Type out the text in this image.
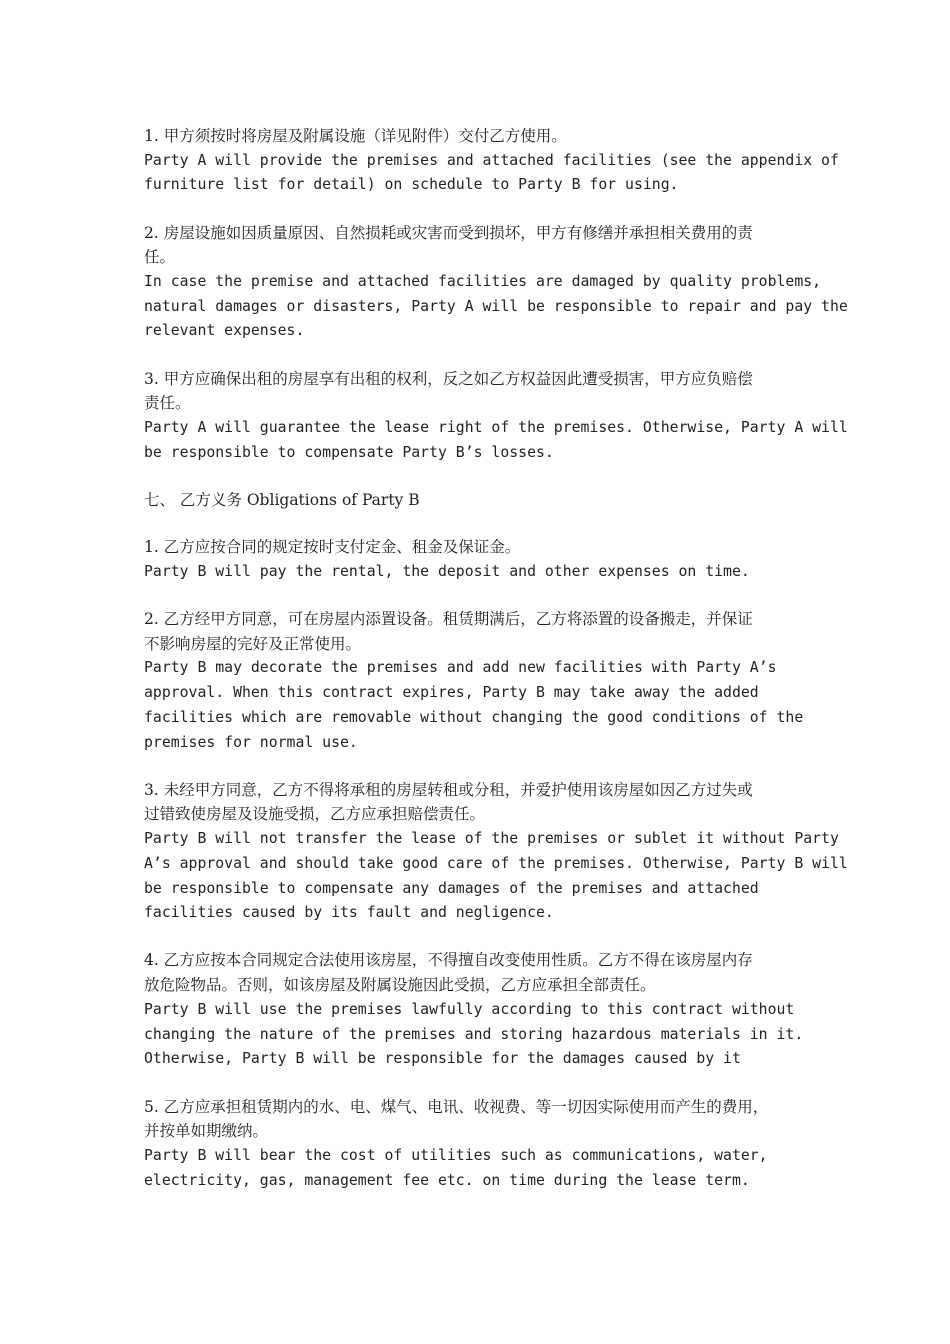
1. 甲方须按时将房屋及附属设施（详见附件）交付乙方使用。
Party A will provide the premises and attached facilities (see the appendix of
furniture list for detail) on schedule to Party B for using.
2. 房屋设施如因质量原因、自然损耗或灾害而受到损坏，甲方有修缮并承担相关费用的责
任。
In case the premise and attached facilities are damaged by quality problems,
natural damages or disasters, Party A will be responsible to repair and pay the
relevant expenses.
3. 甲方应确保出租的房屋享有出租的权利，反之如乙方权益因此遭受损害，甲方应负赔偿
责任。
Party A will guarantee the lease right of the premises. Otherwise, Party A will
be responsible to compensate Party B’s losses.
七、 乙方义务 Obligations of Party B
1. 乙方应按合同的规定按时支付定金、租金及保证金。
Party B will pay the rental, the deposit and other expenses on time.
2. 乙方经甲方同意，可在房屋内添置设备。租赁期满后，乙方将添置的设备搬走，并保证
不影响房屋的完好及正常使用。
Party B may decorate the premises and add new facilities with Party A’s
approval. When this contract expires, Party B may take away the added
facilities which are removable without changing the good conditions of the
premises for normal use.
3. 未经甲方同意，乙方不得将承租的房屋转租或分租，并爱护使用该房屋如因乙方过失或
过错致使房屋及设施受损，乙方应承担赔偿责任。
Party B will not transfer the lease of the premises or sublet it without Party
A’s approval and should take good care of the premises. Otherwise, Party B will
be responsible to compensate any damages of the premises and attached
facilities caused by its fault and negligence.
4. 乙方应按本合同规定合法使用该房屋，不得擅自改变使用性质。乙方不得在该房屋内存
放危险物品。否则，如该房屋及附属设施因此受损，乙方应承担全部责任。
Party B will use the premises lawfully according to this contract without
changing the nature of the premises and storing hazardous materials in it.
Otherwise, Party B will be responsible for the damages caused by it
5. 乙方应承担租赁期内的水、电、煤气、电讯、收视费、等一切因实际使用而产生的费用，
并按单如期缴纳。
Party B will bear the cost of utilities such as communications, water,
electricity, gas, management fee etc. on time during the lease term.
